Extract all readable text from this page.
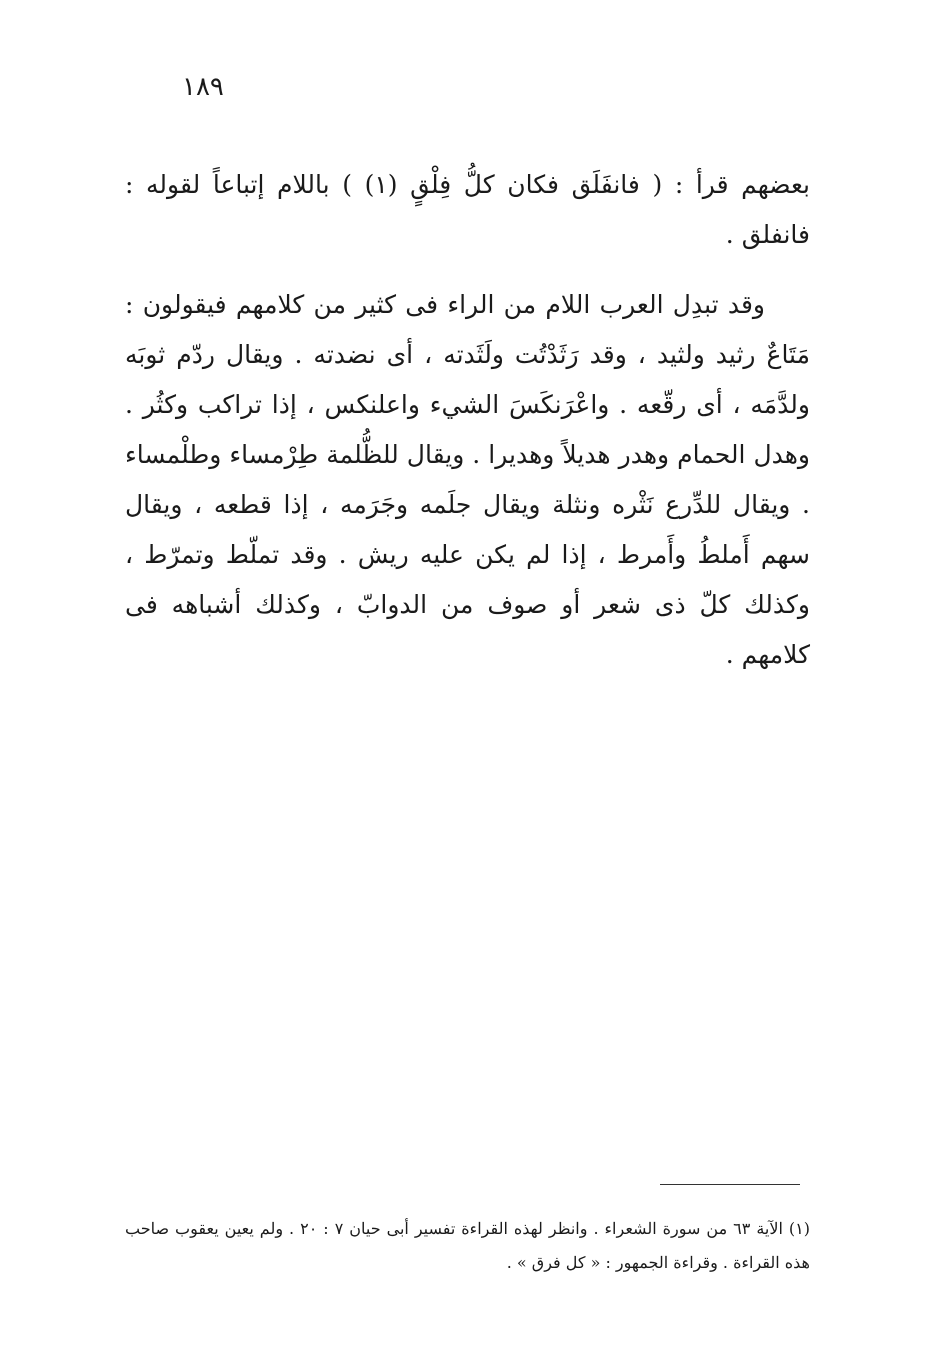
١٨٩

بعضهم قرأ : ( فانفَلَق فكان كلُّ فِلْقٍ (١) ) باللام إتباعاً لقوله : فانفلق .

وقد تبدِل العرب اللام من الراء فى كثير من كلامهم فيقولون : مَتَاعٌ رثيد ولثيد ، وقد رَثَدْتُت ولَثَدته ، أى نضدته . ويقال ردّم ثوبَه ولدَّمَه ، أى رقّعه . واعْرَنكَسَ الشيء واعلنكس ، إذا تراكب وكثُر . وهدل الحمام وهدر هديلاً وهديرا . ويقال للظُّلمة طِرْمساء وطلْمساء . ويقال للدِّرع نَثْره ونثلة ويقال جلَمه وجَرَمه ، إذا قطعه ، ويقال سهم أَملطُ وأَمرط ، إذا لم يكن عليه ريش . وقد تملّط وتمرّط ، وكذلك كلّ ذى شعر أو صوف من الدوابّ ، وكذلك أشباهه فى كلامهم .

(١) الآية ٦٣ من سورة الشعراء . وانظر لهذه القراءة تفسير أبى حيان ٧ : ٢٠ . ولم يعين يعقوب صاحب هذه القراءة . وقراءة الجمهور : « كل فرق » .
